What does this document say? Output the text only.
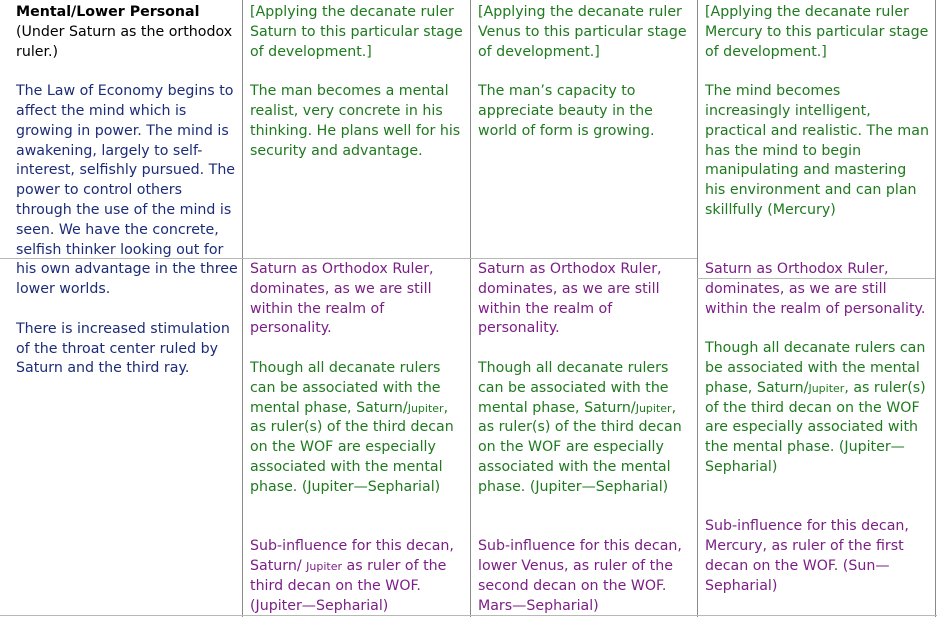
Mental/Lower Personal

(Under Saturn as the orthodox ruler.)

The Law of Economy begins to affect the mind which is growing in power. The mind is awakening, largely to self-interest, selfishly pursued. The power to control others through the use of the mind is seen. We have the concrete, selfish thinker looking out for his own advantage in the three lower worlds.

There is increased stimulation of the throat center ruled by Saturn and the third ray.

[Applying the decanate ruler Saturn to this particular stage of development.]

The man becomes a mental realist, very concrete in his thinking. He plans well for his security and advantage.

Saturn as Orthodox Ruler, dominates, as we are still within the realm of personality.

Though all decanate rulers can be associated with the mental phase, Saturn/Jupiter, as ruler(s) of the third decan on the WOF are especially associated with the mental phase. (Jupiter—Sepharial)

Sub-influence for this decan, Saturn/ Jupiter as ruler of the third decan on the WOF. (Jupiter—Sepharial)

[Applying the decanate ruler Venus to this particular stage of development.]

The man’s capacity to appreciate beauty in the world of form is growing.

Saturn as Orthodox Ruler, dominates, as we are still within the realm of personality.

Though all decanate rulers can be associated with the mental phase, Saturn/Jupiter, as ruler(s) of the third decan on the WOF are especially associated with the mental phase. (Jupiter—Sepharial)

Sub-influence for this decan, lower Venus, as ruler of the second decan on the WOF. Mars—Sepharial)

[Applying the decanate ruler Mercury to this particular stage of development.]

The mind becomes increasingly intelligent, practical and realistic. The man has the mind to begin manipulating and mastering his environment and can plan skillfully (Mercury)

Saturn as Orthodox Ruler, dominates, as we are still within the realm of personality.

Though all decanate rulers can be associated with the mental phase, Saturn/Jupiter, as ruler(s) of the third decan on the WOF are especially associated with the mental phase. (Jupiter—Sepharial)

Sub-influence for this decan, Mercury, as ruler of the first decan on the WOF. (Sun—Sepharial)
